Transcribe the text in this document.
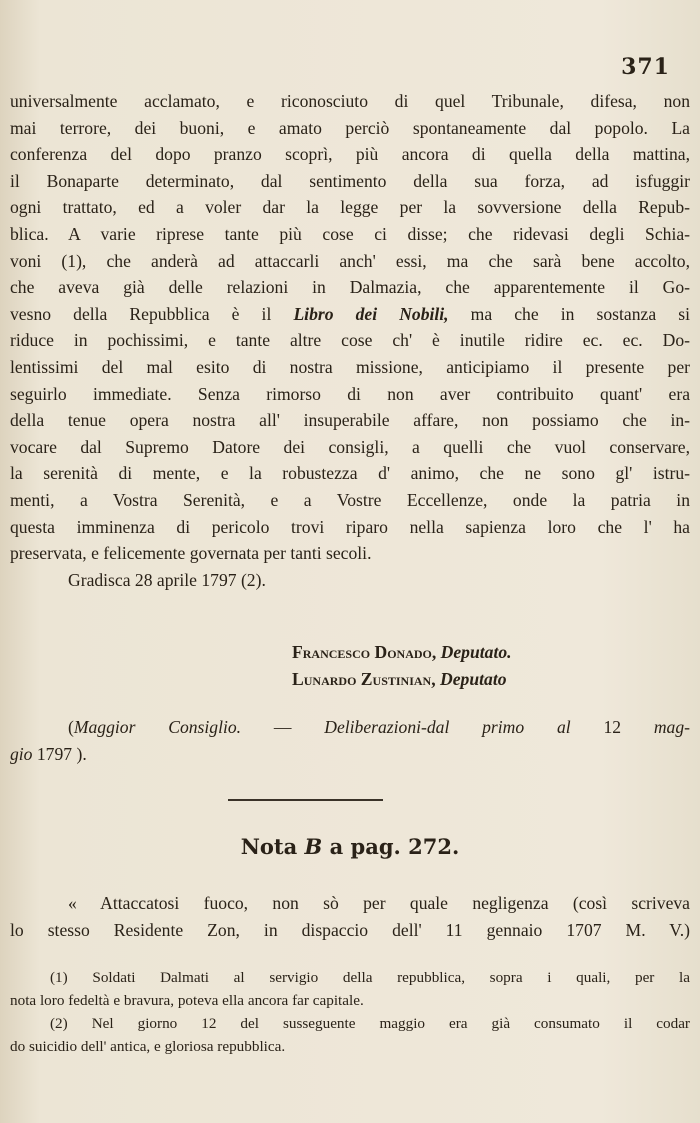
371
universalmente acclamato, e riconosciuto di quel Tribunale, difesa, non
mai terrore, dei buoni, e amato perciò spontaneamente dal popolo. La
conferenza del dopo pranzo scoprì, più ancora di quella della mattina,
il Bonaparte determinato, dal sentimento della sua forza, ad isfuggir
ogni trattato, ed a voler dar la legge per la sovversione della Repub-
blica. A varie riprese tante più cose ci disse; che ridevasi degli Schia-
voni (1), che anderà ad attaccarli anch' essi, ma che sarà bene accolto,
che aveva già delle relazioni in Dalmazia, che apparentemente il Go-
vesno della Repubblica è il Libro dei Nobili, ma che in sostanza si
riduce in pochissimi, e tante altre cose ch' è inutile ridire ec. ec. Do-
lentissimi del mal esito di nostra missione, anticipiamo il presente per
seguirlo immediate. Senza rimorso di non aver contribuito quant' era
della tenue opera nostra all' insuperabile affare, non possiamo che in-
vocare dal Supremo Datore dei consigli, a quelli che vuol conservare,
la serenità di mente, e la robustezza d' animo, che ne sono gl' istru-
menti, a Vostra Serenità, e a Vostre Eccellenze, onde la patria in
questa imminenza di pericolo trovi riparo nella sapienza loro che l' ha
preservata, e felicemente governata per tanti secoli.
Gradisca 28 aprile 1797 (2).
Francesco Donado, Deputato.
Lunardo Zustinian, Deputato
(Maggior Consiglio. — Deliberazioni-dal primo al 12 mag-
gio 1797 ).
Nota B a pag. 272.
« Attaccatosi fuoco, non sò per quale negligenza (così scriveva
lo stesso Residente Zon, in dispaccio dell' 11 gennaio 1707 M. V.)
(1) Soldati Dalmati al servigio della repubblica, sopra i quali, per la
nota loro fedeltà e bravura, poteva ella ancora far capitale.
(2) Nel giorno 12 del susseguente maggio era già consumato il codar
do suicidio dell' antica, e gloriosa repubblica.
